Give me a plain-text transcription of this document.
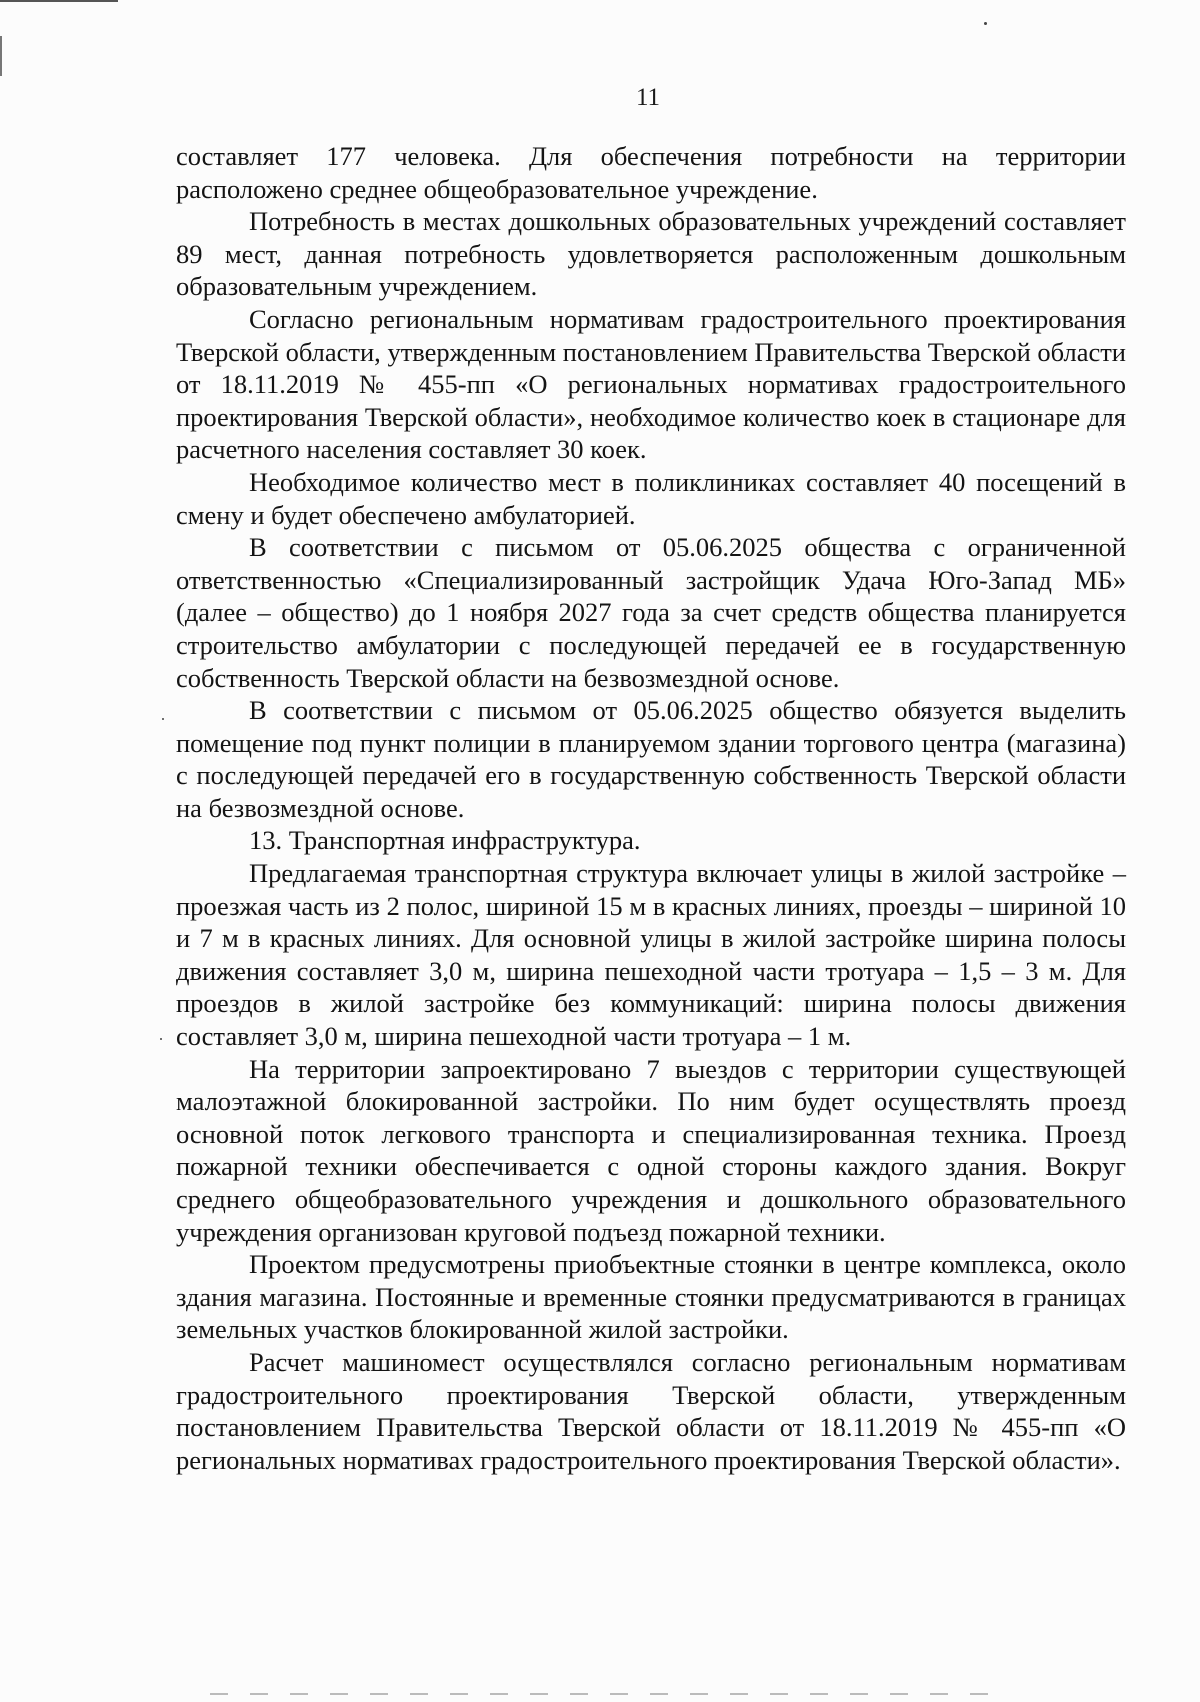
11

составляет 177 человека. Для обеспечения потребности на территории расположено среднее общеобразовательное учреждение.

Потребность в местах дошкольных образовательных учреждений составляет 89 мест, данная потребность удовлетворяется расположенным дошкольным образовательным учреждением.

Согласно региональным нормативам градостроительного проектирования Тверской области, утвержденным постановлением Правительства Тверской области от 18.11.2019 № 455-пп «О региональных нормативах градостроительного проектирования Тверской области», необходимое количество коек в стационаре для расчетного населения составляет 30 коек.

Необходимое количество мест в поликлиниках составляет 40 посещений в смену и будет обеспечено амбулаторией.

В соответствии с письмом от 05.06.2025 общества с ограниченной ответственностью «Специализированный застройщик Удача Юго-Запад МБ» (далее – общество) до 1 ноября 2027 года за счет средств общества планируется строительство амбулатории с последующей передачей ее в государственную собственность Тверской области на безвозмездной основе.

В соответствии с письмом от 05.06.2025 общество обязуется выделить помещение под пункт полиции в планируемом здании торгового центра (магазина) с последующей передачей его в государственную собственность Тверской области на безвозмездной основе.

13. Транспортная инфраструктура.

Предлагаемая транспортная структура включает улицы в жилой застройке – проезжая часть из 2 полос, шириной 15 м в красных линиях, проезды – шириной 10 и 7 м в красных линиях. Для основной улицы в жилой застройке ширина полосы движения составляет 3,0 м, ширина пешеходной части тротуара – 1,5 – 3 м. Для проездов в жилой застройке без коммуникаций: ширина полосы движения составляет 3,0 м, ширина пешеходной части тротуара – 1 м.

На территории запроектировано 7 выездов с территории существующей малоэтажной блокированной застройки. По ним будет осуществлять проезд основной поток легкового транспорта и специализированная техника. Проезд пожарной техники обеспечивается с одной стороны каждого здания. Вокруг среднего общеобразовательного учреждения и дошкольного образовательного учреждения организован круговой подъезд пожарной техники.

Проектом предусмотрены приобъектные стоянки в центре комплекса, около здания магазина. Постоянные и временные стоянки предусматриваются в границах земельных участков блокированной жилой застройки.

Расчет машиномест осуществлялся согласно региональным нормативам градостроительного проектирования Тверской области, утвержденным постановлением Правительства Тверской области от 18.11.2019 № 455-пп «О региональных нормативах градостроительного проектирования Тверской области».
